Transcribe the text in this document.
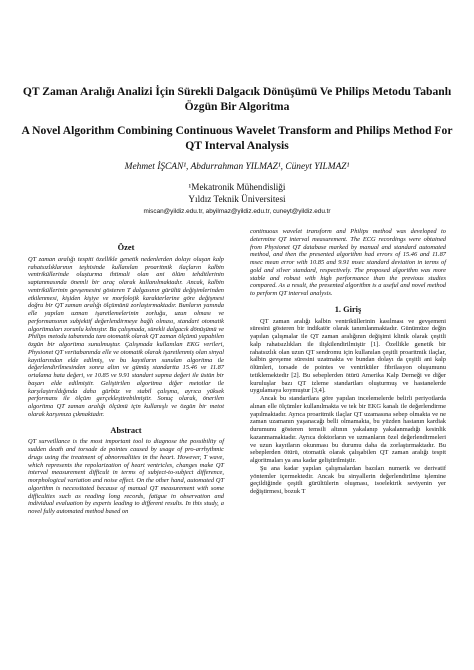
QT Zaman Aralığı Analizi İçin Sürekli Dalgacık Dönüşümü Ve Philips Metodu Tabanlı Özgün Bir Algoritma
A Novel Algorithm Combining Continuous Wavelet Transform and Philips Method For QT Interval Analysis
Mehmet İŞCAN¹, Abdurrahman YILMAZ¹, Cüneyt YILMAZ¹
¹Mekatronik Mühendisliği
Yıldız Teknik Üniversitesi
miscan@yildiz.edu.tr, abyilmaz@yildiz.edu.tr, cuneyt@yildiz.edu.tr
Özet

QT zaman aralığı tespiti özellikle genetik nedenlerden dolayı oluşan kalp rahatsızlıklarının teşhisinde kullanılan proaritmik ilaçların kalbin ventriküllerinde oluşturma ihtimali olan ani ölüm tehditlerinin saptanmasında önemli bir araç olarak kullanılmaktadır. Ancak, kalbin ventriküllerinin gevşemesini gösteren T dalgasının gürültü değişimlerinden etkilenmesi, kişiden kişiye ve morfolojik karakterlerine göre değişmesi doğru bir QT zaman aralığı ölçümünü zorlaştırmaktadır. Bunların yanında elle yapılan uzman işaretlemelerinin zorluğu, uzun olması ve performansının subjektif değerlendirmeye bağlı olması, standart otomatik algoritmaları zorunlu kılmıştır. Bu çalışmada, sürekli dalgacık dönüşümü ve Philips metodu tabanında tam otomatik olarak QT zaman ölçümü yapabilen özgün bir algoritma sunulmuştur. Çalışmada kullanılan EKG verileri, Physionet QT veritabanında elle ve otomatik olarak işaretlenmiş olan sinyal kayıtlarından elde edilmiş, ve bu kayıtların sunulan algoritma ile değerlendirilmesinden sonra altın ve gümüş standartta 15.46 ve 11.87 ortalama hata değeri, ve 10.85 ve 9.91 standart sapma değeri ile üstün bir başarı elde edilmiştir. Geliştirilen algoritma diğer metotlar ile karşılaştırıldığında daha gürbüz ve stabil çalışma, ayrıca yüksek performans ile ölçüm gerçekleştirebilmiştir. Sonuç olarak, önerilen algoritma QT zaman aralığı ölçümü için kullanışlı ve özgün bir metot olarak karşımıza çıkmaktadır.

Abstract

QT surveillance is the most important tool to diagnose the possibility of sudden death and torsade de pointes caused by usage of pro-arrhythmic drugs using the treatment of abnormalities in the heart. However, T wave, which represents the repolarization of heart ventricles, changes make QT interval measurement difficult in terms of subject-to-subject difference, morphological variation and noise effect. On the other hand, automated QT algorithm is necessitated because of manual QT measurement with some difficulties such as reading long records, fatigue in observation and individual evaluation by experts leading to different results. In this study, a novel fully automated method based on

continuous wavelet transform and Philips method was developed to determine QT interval measurement. The ECG recordings were obtained from Physionet QT database marked by manual and standard automated method, and then the presented algorithm had errors of 15.46 and 11.87 msec mean error with 10.85 and 9.91 msec standard deviation in terms of gold and silver standard, respectively. The proposed algorithm was more stable and robust with high performance than the previous studies compared. As a result, the presented algorithm is a useful and novel method to perform QT interval analysis.

1. Giriş

QT zaman aralığı kalbin ventriküllerinin kasılması ve gevşemeni süresini gösteren bir indikatör olarak tanımlanmaktadır. Günümüze değin yapılan çalışmalar ile QT zaman aralığının değişimi klinik olarak çeşitli kalp rahatsızlıkları ile ilişkilendirilmiştir [1]. Özellikle genetik bir rahatsızlık olan uzun QT sendromu için kullanılan çeşitli proaritmik ilaçlar, kalbin gevşeme süresini uzatmakta ve bundan dolayı da çeşitli ani kalp ölümleri, torsade de pointes ve ventriküler fibrilasyon oluşumunu tetiklemektedir [2]. Bu sebeplerden ötürü Amerika Kalp Derneği ve diğer kuruluşlar bazı QT izleme standartları oluşturmuş ve hastanelerde uygulamaya koymuştur [3,4].

Ancak bu standartlara göre yapılan incelemelerde belirli periyotlarda alınan elle ölçümler kullanılmakta ve tek bir EKG kanalı ile değerlendirme yapılmaktadır. Ayrıca proaritmik ilaçlar QT uzamasına sebep olmakta ve ne zaman uzamanın yaşanacağı belli olmamakta, bu yüzden hastanın kardiak durumunu gösteren temsili altının yakalanıp yakalanmadığı kesinlik kazanmamaktadır. Ayrıca doktorların ve uzmanların özel değerlendirmeleri ve uzun kayıtların okunması bu durumu daha da zorlaştırmaktadır. Bu sebeplerden ötürü, otomatik olarak çalışabilen QT zaman aralığı tespit algoritmaları ya ana kadar geliştirilmiştir.

Şu ana kadar yapılan çalışmalardan bazıları numerik ve derivatif yöntemler içermektedir. Ancak bu sinyallerin değerlendirilme işlemine geçildiğinde çeşitli gürültülerin oluşması, isoelektrik seviyenin yer değiştirmesi, bozuk T
